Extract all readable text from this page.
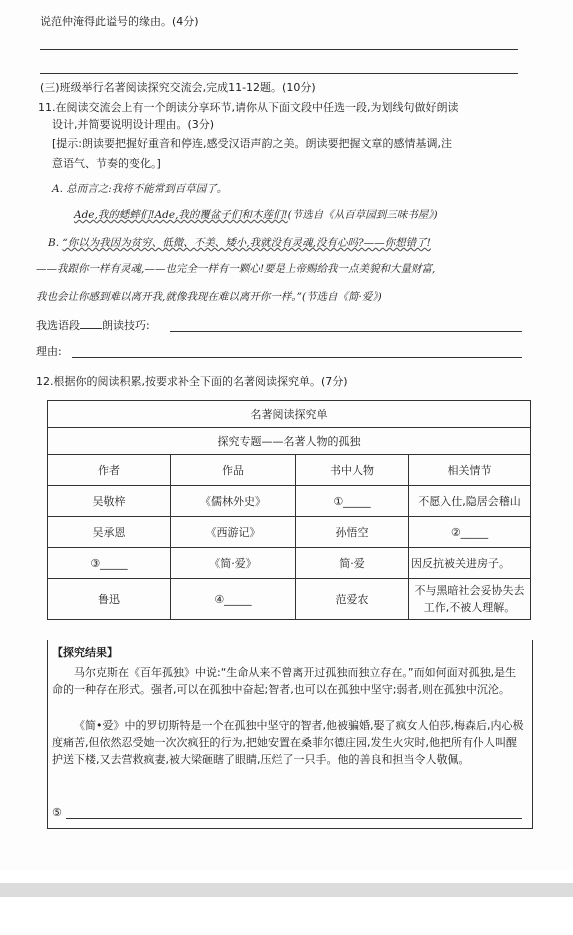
说范仲淹得此谥号的缘由。(4分)
(三)班级举行名著阅读探究交流会,完成11-12题。(10分)
11.在阅读交流会上有一个朗读分享环节,请你从下面文段中任选一段,为划线句做好朗读
设计,并简要说明设计理由。(3分)
[提示:朗读要把握好重音和停连,感受汉语声韵之美。朗读要把握文章的感情基调,注
意语气、节奏的变化。]
A. 总而言之:我将不能常到百草园了。
Ade,我的蟋蟀们!Ade,我的覆盆子们和木莲们!(节选自《从百草园到三味书屋》)
B. “你以为我因为贫穷、低微、不美、矮小,我就没有灵魂,没有心吗?——你想错了!
——我跟你一样有灵魂,——也完全一样有一颗心!要是上帝赐给我一点美貌和大量财富,
我也会让你感到难以离开我,就像我现在难以离开你一样。”(节选自《简·爱》)
我选语段 朗读技巧:
理由:
12.根据你的阅读积累,按要求补全下面的名著阅读探究单。(7分)
名著阅读探究单			
探究专题——名著人物的孤独			
作者	作品	书中人物	相关情节
吴敬梓	《儒林外史》	①_____	不愿入仕,隐居会稽山
吴承恩	《西游记》	孙悟空	②_____
③_____	《简·爱》	简·爱	因反抗被关进房子。
鲁迅	④_____	范爱农	不与黑暗社会妥协失去工作,不被人理解。
【探究结果】
马尔克斯在《百年孤独》中说:“生命从来不曾离开过孤独而独立存在。”而如何面对孤独,是生命的一种存在形式。强者,可以在孤独中奋起;智者,也可以在孤独中坚守;弱者,则在孤独中沉沦。
《简•爱》中的罗切斯特是一个在孤独中坚守的智者,他被骗婚,娶了疯女人伯莎,梅森后,内心极度痛苦,但依然忍受她一次次疯狂的行为,把她安置在桑菲尔德庄园,发生火灾时,他把所有仆人叫醒护送下楼,又去营救疯妻,被大梁砸瞎了眼睛,压烂了一只手。他的善良和担当令人敬佩。
⑤
